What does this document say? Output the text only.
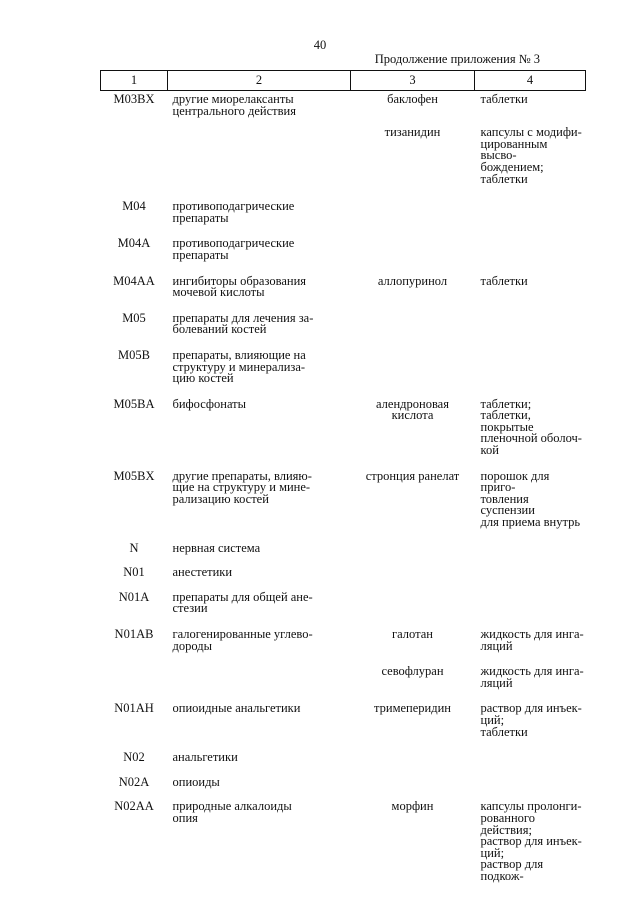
40
Продолжение приложения № 3
1	2	3	4

M03BX	другие миорелаксанты
центрального действия	баклофен	таблетки

		тизанидин	капсулы с модифи-
цированным высво-
бождением;
таблетки

M04	противоподагрические
препараты		

M04A	противоподагрические
препараты		

M04AA	ингибиторы образования
мочевой кислоты	аллопуринол	таблетки

M05	препараты для лечения за-
болеваний костей		

M05B	препараты, влияющие на
структуру и минерализа-
цию костей		

M05BA	бифосфонаты	алендроновая
кислота	таблетки;
таблетки, покрытые
пленочной оболоч-
кой

M05BX	другие препараты, влияю-
щие на структуру и мине-
рализацию костей	стронция ранелат	порошок для приго-
товления суспензии
для приема внутрь

N	нервная система		

N01	анестетики		

N01A	препараты для общей ане-
стезии		

N01AB	галогенированные углево-
дороды	галотан	жидкость для инга-
ляций

		севофлуран	жидкость для инга-
ляций

N01AH	опиоидные анальгетики	тримеперидин	раствор для инъек-
ций;
таблетки

N02	анальгетики		

N02A	опиоиды		

N02AA	природные алкалоиды
опия	морфин	капсулы пролонги-
рованного действия;
раствор для инъек-
ций;
раствор для подкож-
